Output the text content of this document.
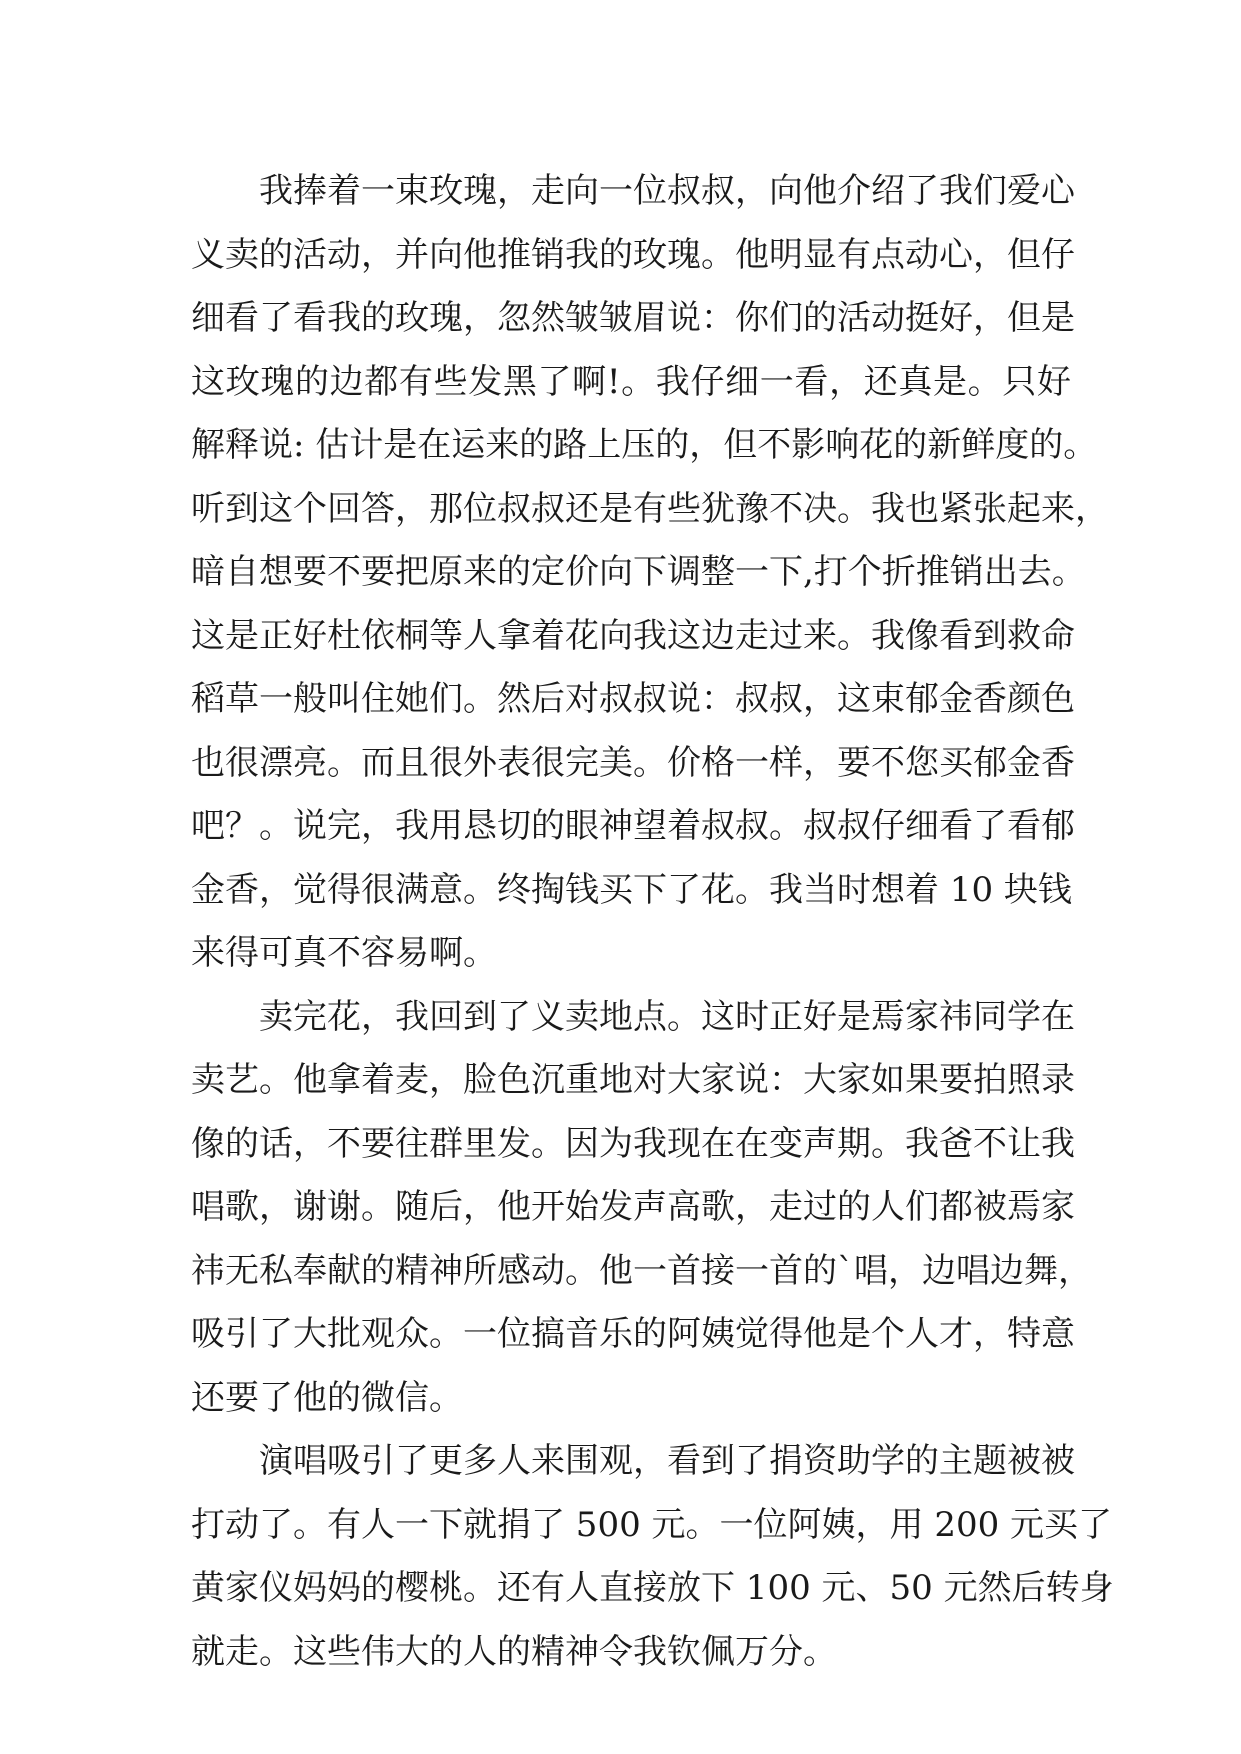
我捧着一束玫瑰，走向一位叔叔，向他介绍了我们爱心
义卖的活动，并向他推销我的玫瑰。他明显有点动心，但仔
细看了看我的玫瑰，忽然皱皱眉说：你们的活动挺好，但是
这玫瑰的边都有些发黑了啊!。我仔细一看，还真是。只好
解释说: 估计是在运来的路上压的，但不影响花的新鲜度的。
听到这个回答，那位叔叔还是有些犹豫不决。我也紧张起来，
暗自想要不要把原来的定价向下调整一下,打个折推销出去。
这是正好杜依桐等人拿着花向我这边走过来。我像看到救命
稻草一般叫住她们。然后对叔叔说：叔叔，这束郁金香颜色
也很漂亮。而且很外表很完美。价格一样，要不您买郁金香
吧？。说完，我用恳切的眼神望着叔叔。叔叔仔细看了看郁
金香，觉得很满意。终掏钱买下了花。我当时想着 10 块钱
来得可真不容易啊。
卖完花，我回到了义卖地点。这时正好是焉家祎同学在
卖艺。他拿着麦，脸色沉重地对大家说：大家如果要拍照录
像的话，不要往群里发。因为我现在在变声期。我爸不让我
唱歌，谢谢。随后，他开始发声高歌，走过的人们都被焉家
祎无私奉献的精神所感动。他一首接一首的`唱，边唱边舞，
吸引了大批观众。一位搞音乐的阿姨觉得他是个人才，特意
还要了他的微信。
演唱吸引了更多人来围观，看到了捐资助学的主题被被
打动了。有人一下就捐了 500 元。一位阿姨，用 200 元买了
黄家仪妈妈的樱桃。还有人直接放下 100 元、50 元然后转身
就走。这些伟大的人的精神令我钦佩万分。
